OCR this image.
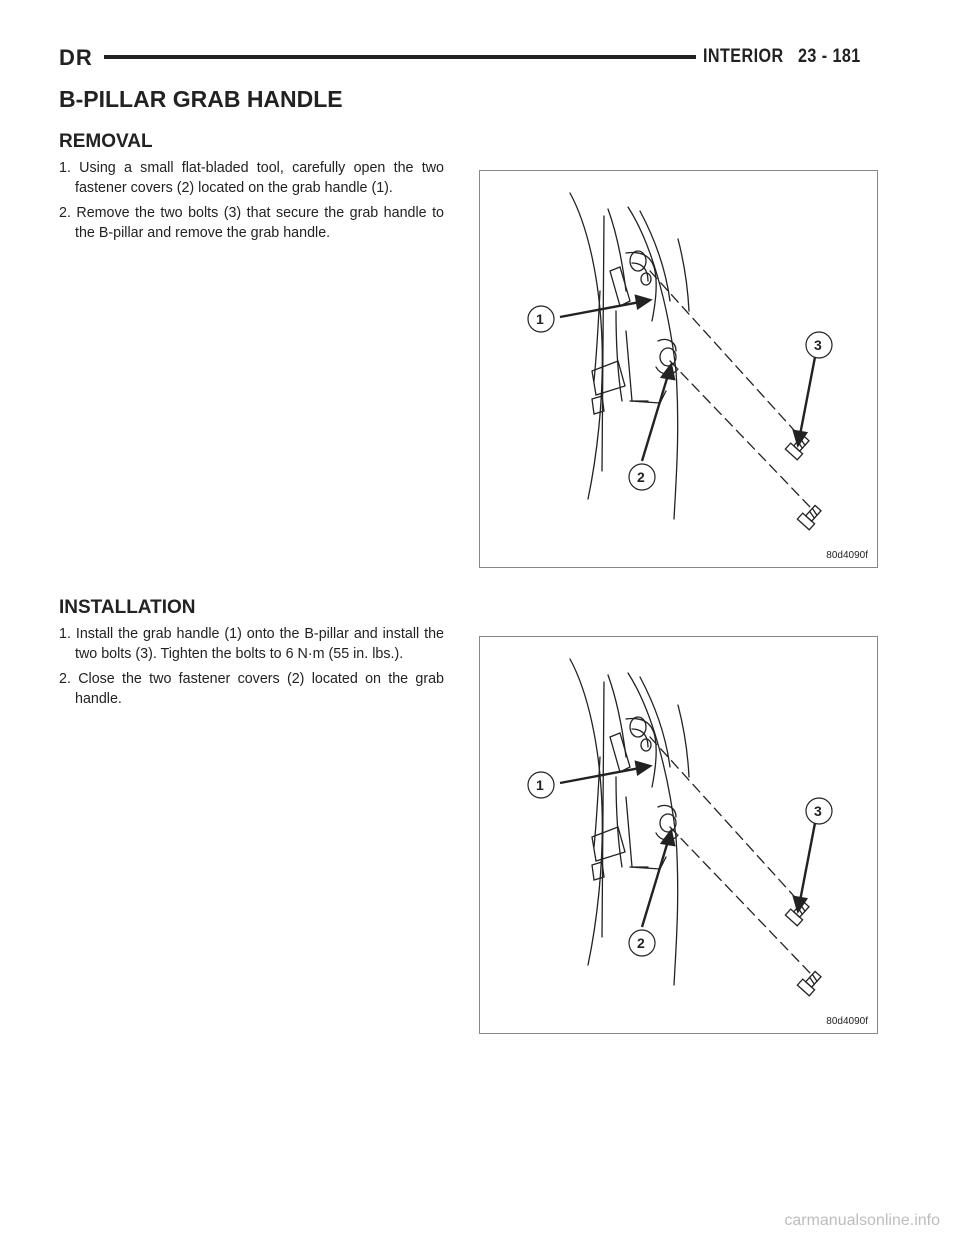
DR	INTERIOR 23 - 181
B-PILLAR GRAB HANDLE
REMOVAL
1. Using a small flat-bladed tool, carefully open the two fastener covers (2) located on the grab handle (1).
2. Remove the two bolts (3) that secure the grab handle to the B-pillar and remove the grab handle.
1
3
2
80d4090f
INSTALLATION
1. Install the grab handle (1) onto the B-pillar and install the two bolts (3). Tighten the bolts to 6 N·m (55 in. lbs.).
2. Close the two fastener covers (2) located on the grab handle.
1
3
2
80d4090f
carmanualsonline.info
